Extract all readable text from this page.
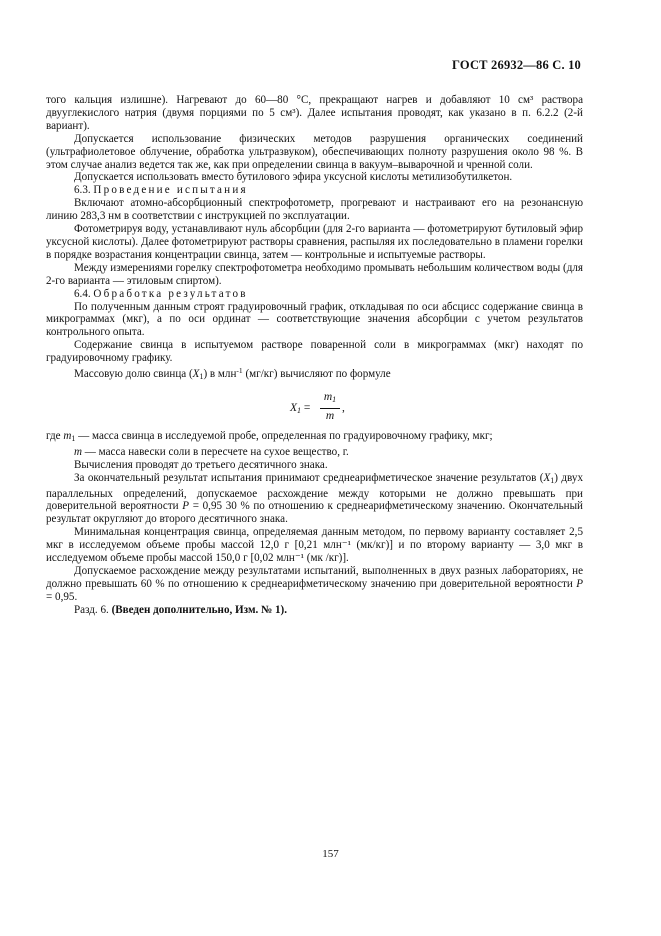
ГОСТ 26932—86 С. 10

того кальция излишне). Нагревают до 60—80 °С, прекращают нагрев и добавляют 10 см³ раствора двууглекислого натрия (двумя порциями по 5 см³). Далее испытания проводят, как указано в п. 6.2.2 (2-й вариант).

Допускается использование физических методов разрушения органических соединений (ультрафиолетовое облучение, обработка ультразвуком), обеспечивающих полноту разрушения около 98 %. В этом случае анализ ведется так же, как при определении свинца в вакуум–выварочной и чренной соли.

Допускается использовать вместо бутилового эфира уксусной кислоты метилизобутилкетон.

6.3. Проведение испытания

Включают атомно-абсорбционный спектрофотометр, прогревают и настраивают его на резонансную линию 283,3 нм в соответствии с инструкцией по эксплуатации.

Фотометрируя воду, устанавливают нуль абсорбции (для 2-го варианта — фотометрируют бутиловый эфир уксусной кислоты). Далее фотометрируют растворы сравнения, распыляя их последовательно в пламени горелки в порядке возрастания концентрации свинца, затем — контрольные и испытуемые растворы.

Между измерениями горелку спектрофотометра необходимо промывать небольшим количеством воды (для 2-го варианта — этиловым спиртом).

6.4. Обработка результатов

По полученным данным строят градуировочный график, откладывая по оси абсцисс содержание свинца в микрограммах (мкг), а по оси ординат — соответствующие значения абсорбции с учетом результатов контрольного опыта.

Содержание свинца в испытуемом растворе поваренной соли в микрограммах (мкг) находят по градуировочному графику.

Массовую долю свинца $(X_1)$ в млн$^{-1}$ (мг/кг) вычисляют по формуле

$X_1 = \frac{m_1}{m}$ ,

где $m_1$ — масса свинца в исследуемой пробе, определенная по градуировочному графику, мкг;

m — масса навески соли в пересчете на сухое вещество, г.

Вычисления проводят до третьего десятичного знака.

За окончательный результат испытания принимают среднеарифметическое значение результатов $(X_1)$ двух параллельных определений, допускаемое расхождение между которыми не должно превышать при доверительной вероятности P = 0,95 30 % по отношению к среднеарифметическому значению. Окончательный результат округляют до второго десятичного знака.

Минимальная концентрация свинца, определяемая данным методом, по первому варианту составляет 2,5 мкг в исследуемом объеме пробы массой 12,0 г [0,21 млн⁻¹ (мк/кг)] и по второму варианту — 3,0 мкг в исследуемом объеме пробы массой 150,0 г [0,02 млн⁻¹ (мк /кг)].

Допускаемое расхождение между результатами испытаний, выполненных в двух разных лабораториях, не должно превышать 60 % по отношению к среднеарифметическому значению при доверительной вероятности P = 0,95.

Разд. 6. (Введен дополнительно, Изм. № 1).

157
